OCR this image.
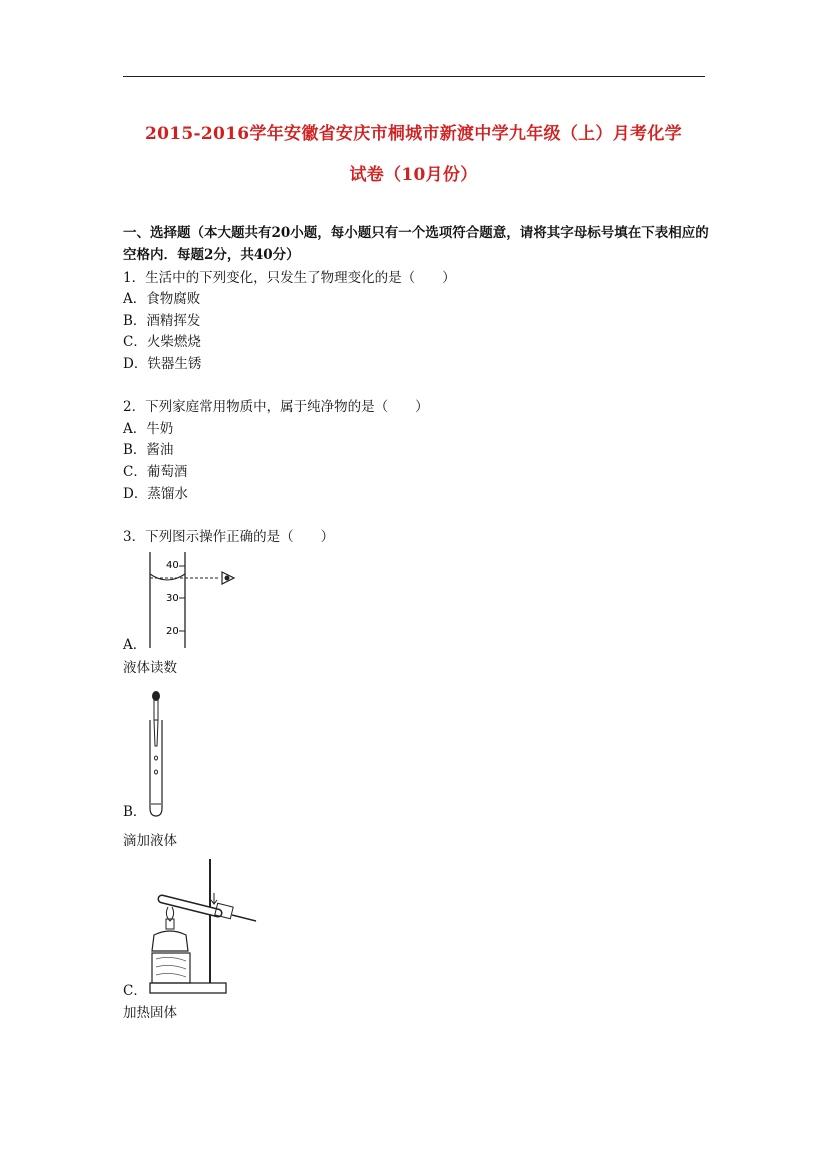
2015-2016学年安徽省安庆市桐城市新渡中学九年级（上）月考化学
试卷（10月份）
一、选择题（本大题共有20小题，每小题只有一个选项符合题意，请将其字母标号填在下表相应的空格内．每题2分，共40分）
1．生活中的下列变化，只发生了物理变化的是（　　）
A．食物腐败
B．酒精挥发
C．火柴燃烧
D．铁器生锈
2．下列家庭常用物质中，属于纯净物的是（　　）
A．牛奶
B．酱油
C．葡萄酒
D．蒸馏水
3．下列图示操作正确的是（　　）
40
30
20
A．
液体读数
B．
滴加液体
C．
加热固体
